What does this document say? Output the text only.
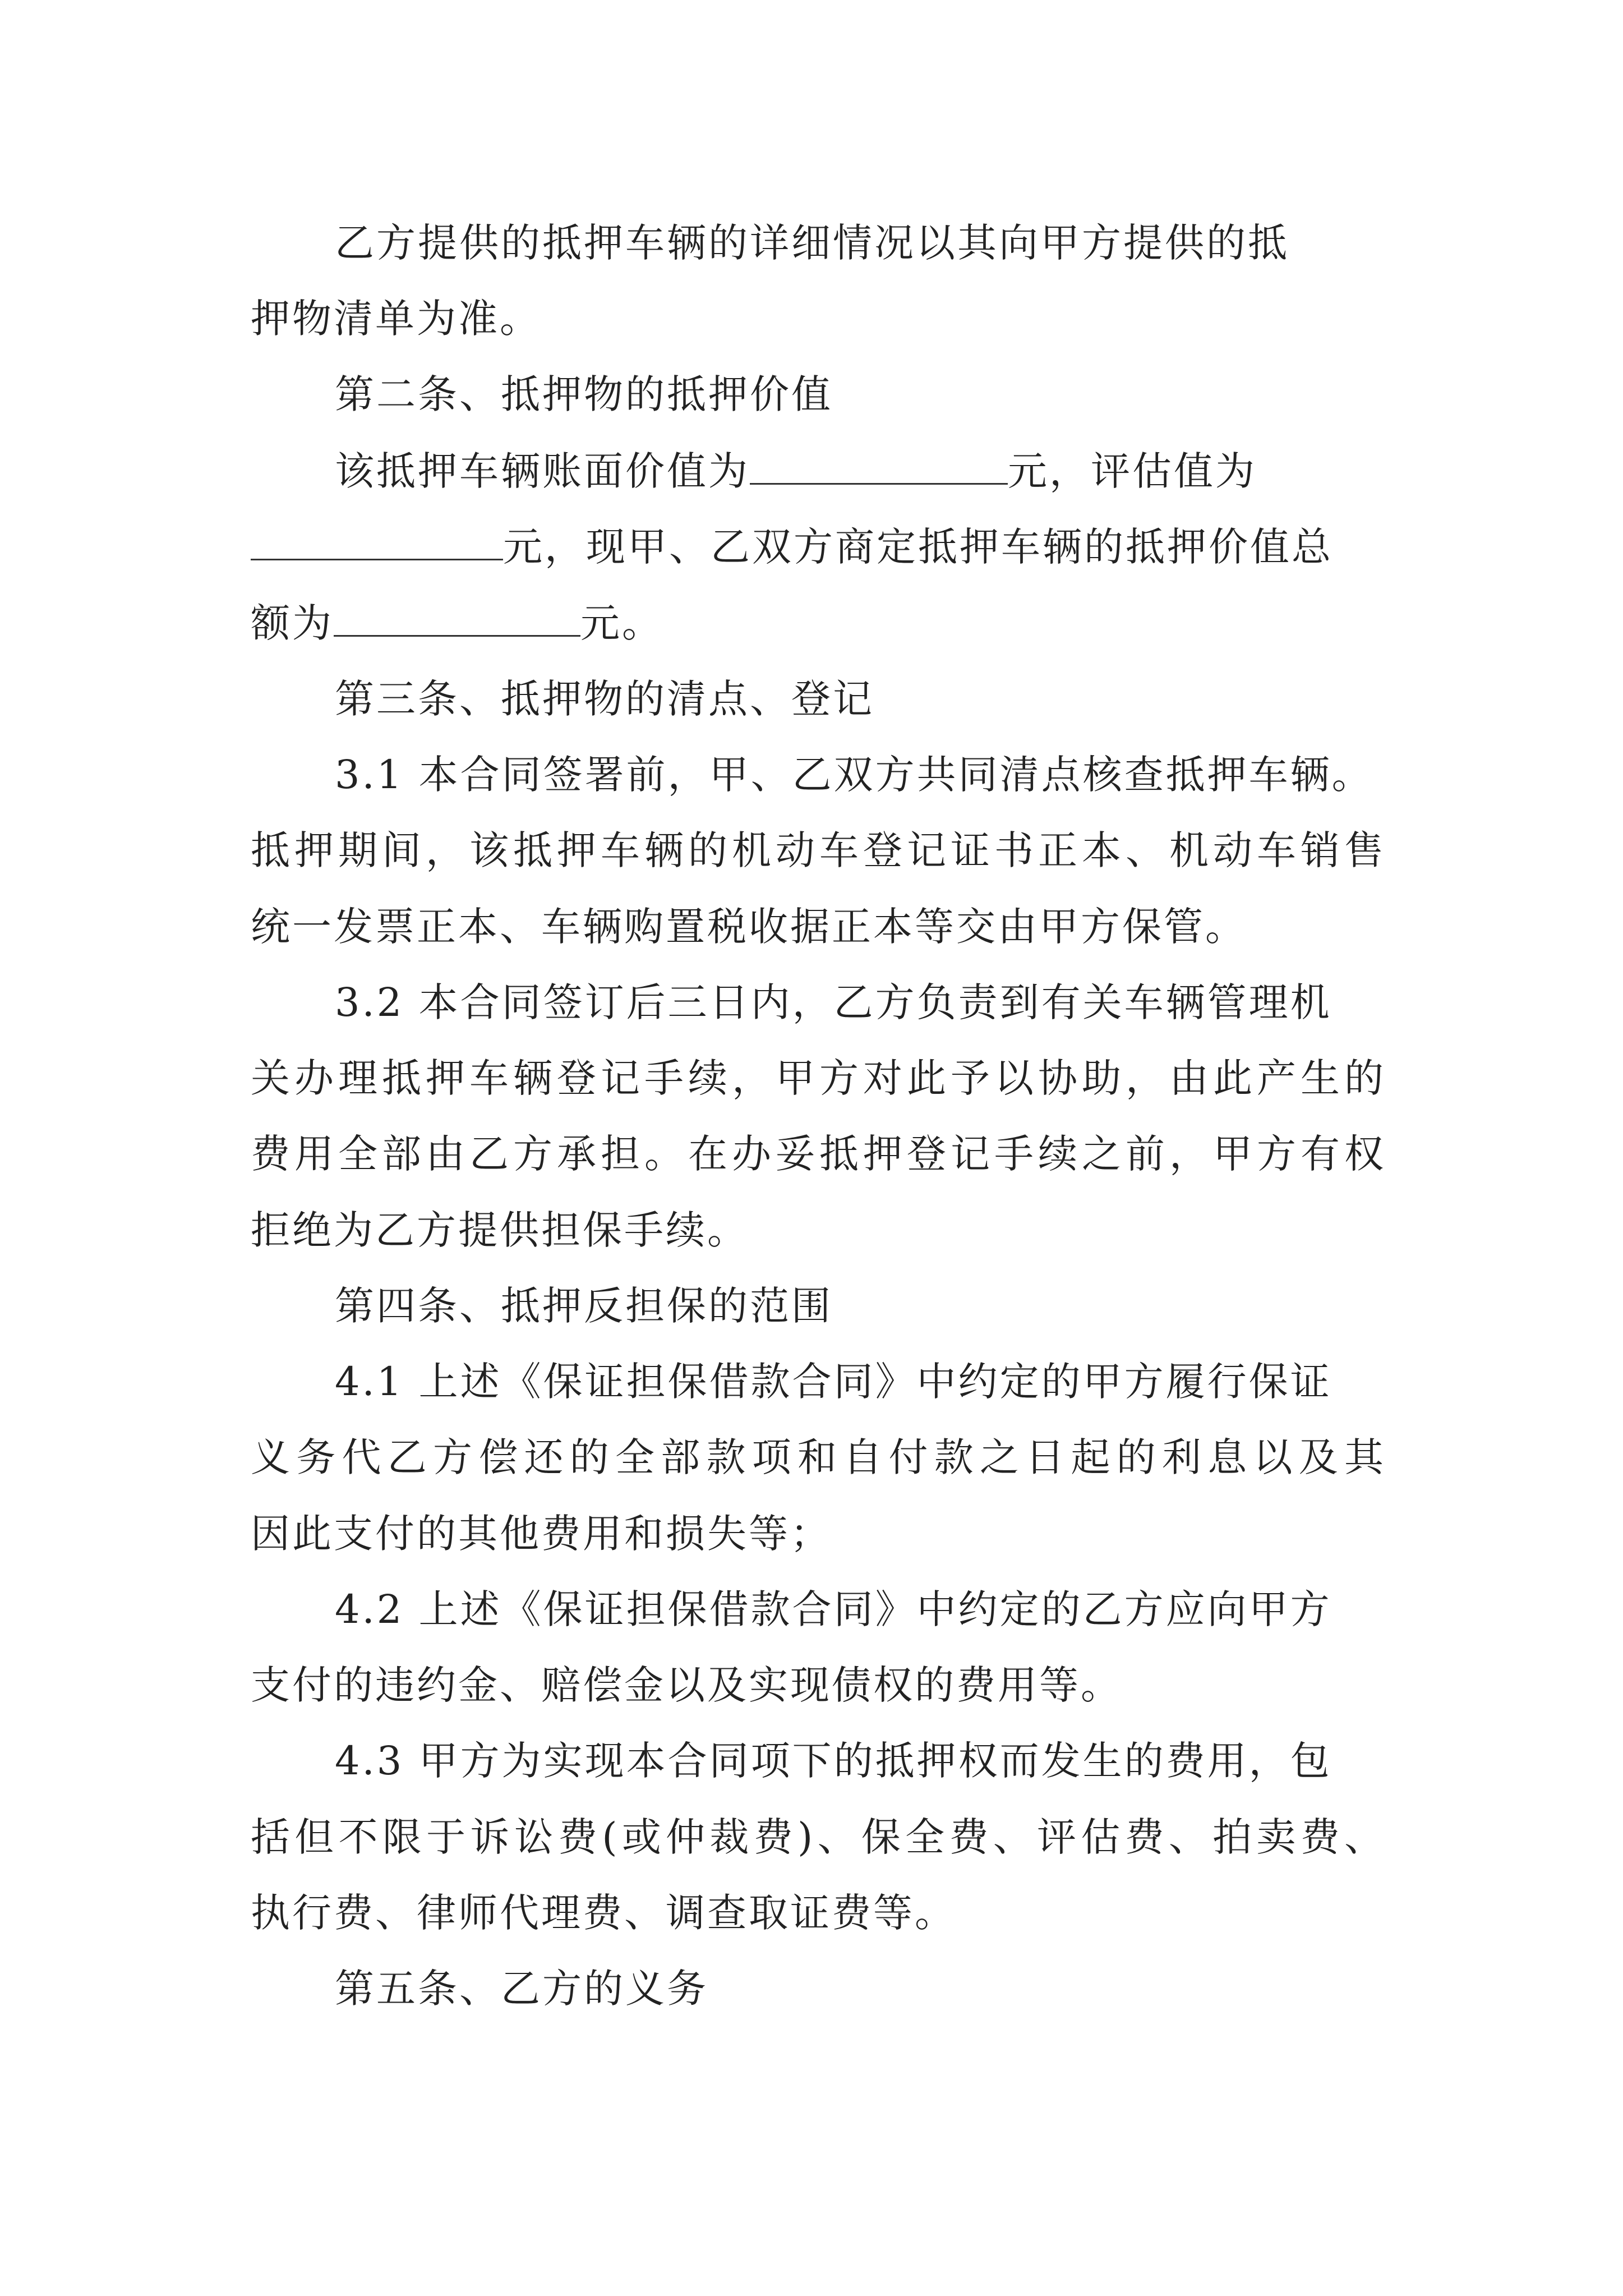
乙方提供的抵押车辆的详细情况以其向甲方提供的抵
押物清单为准。
第二条、抵押物的抵押价值
该抵押车辆账面价值为	元，评估值为
元，现甲、乙双方商定抵押车辆的抵押价值总
额为	元。
第三条、抵押物的清点、登记
3.1 本合同签署前，甲、乙双方共同清点核查抵押车辆。
抵押期间，该抵押车辆的机动车登记证书正本、机动车销售
统一发票正本、车辆购置税收据正本等交由甲方保管。
3.2 本合同签订后三日内，乙方负责到有关车辆管理机
关办理抵押车辆登记手续，甲方对此予以协助，由此产生的
费用全部由乙方承担。在办妥抵押登记手续之前，甲方有权
拒绝为乙方提供担保手续。
第四条、抵押反担保的范围
4.1 上述《保证担保借款合同》中约定的甲方履行保证
义务代乙方偿还的全部款项和自付款之日起的利息以及其
因此支付的其他费用和损失等；
4.2 上述《保证担保借款合同》中约定的乙方应向甲方
支付的违约金、赔偿金以及实现债权的费用等。
4.3 甲方为实现本合同项下的抵押权而发生的费用，包
括但不限于诉讼费(或仲裁费)、保全费、评估费、拍卖费、
执行费、律师代理费、调查取证费等。
第五条、乙方的义务
